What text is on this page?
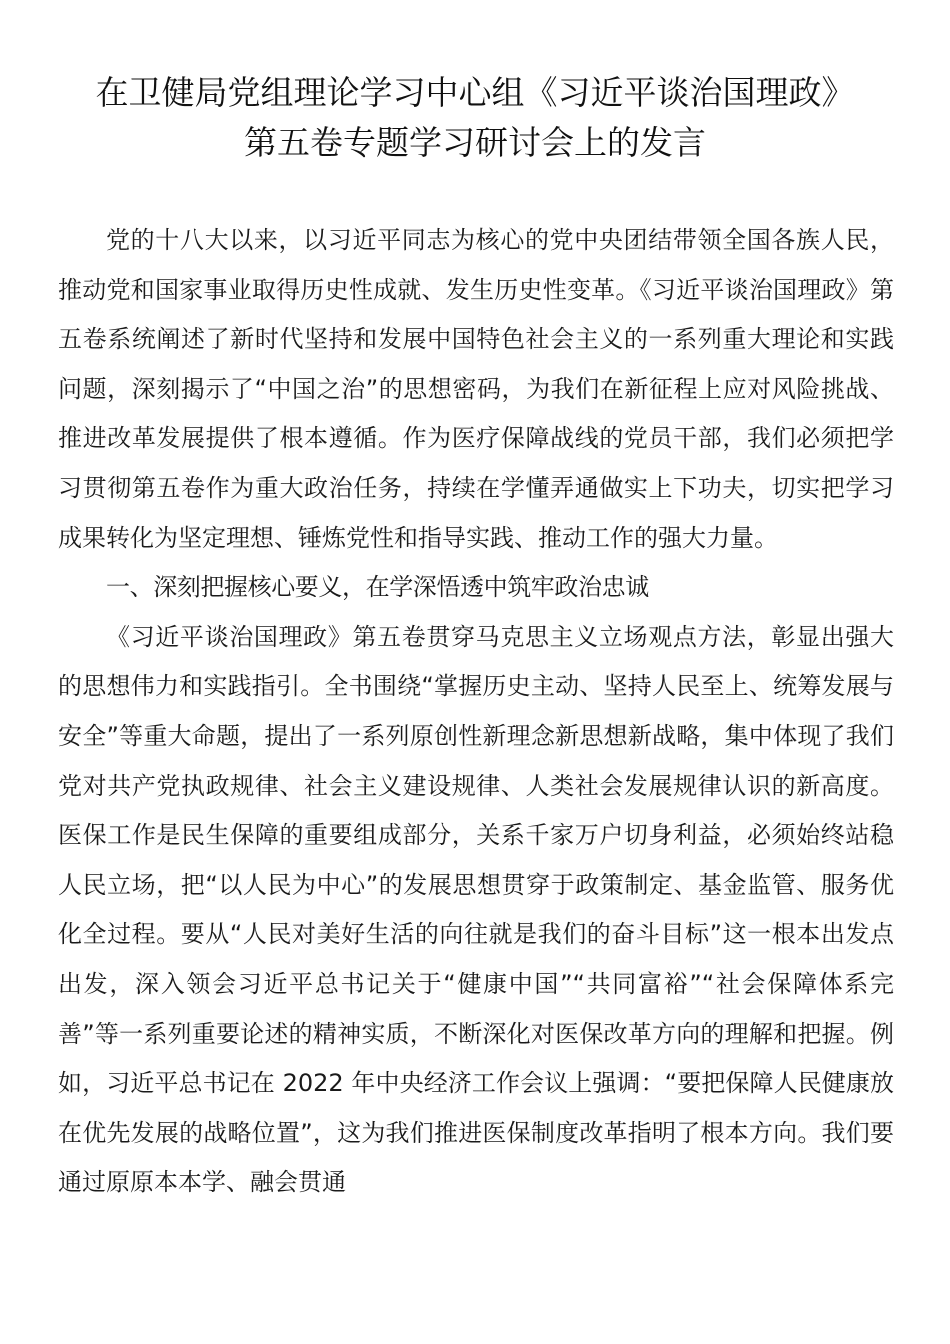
在卫健局党组理论学习中心组《习近平谈治国理政》
第五卷专题学习研讨会上的发言

党的十八大以来，以习近平同志为核心的党中央团结带领全国各族人民，推动党和国家事业取得历史性成就、发生历史性变革。《习近平谈治国理政》第五卷系统阐述了新时代坚持和发展中国特色社会主义的一系列重大理论和实践问题，深刻揭示了“中国之治”的思想密码，为我们在新征程上应对风险挑战、推进改革发展提供了根本遵循。作为医疗保障战线的党员干部，我们必须把学习贯彻第五卷作为重大政治任务，持续在学懂弄通做实上下功夫，切实把学习成果转化为坚定理想、锤炼党性和指导实践、推动工作的强大力量。

一、深刻把握核心要义，在学深悟透中筑牢政治忠诚

《习近平谈治国理政》第五卷贯穿马克思主义立场观点方法，彰显出强大的思想伟力和实践指引。全书围绕“掌握历史主动、坚持人民至上、统筹发展与安全”等重大命题，提出了一系列原创性新理念新思想新战略，集中体现了我们党对共产党执政规律、社会主义建设规律、人类社会发展规律认识的新高度。医保工作是民生保障的重要组成部分，关系千家万户切身利益，必须始终站稳人民立场，把“以人民为中心”的发展思想贯穿于政策制定、基金监管、服务优化全过程。要从“人民对美好生活的向往就是我们的奋斗目标”这一根本出发点出发，深入领会习近平总书记关于“健康中国”“共同富裕”“社会保障体系完善”等一系列重要论述的精神实质，不断深化对医保改革方向的理解和把握。例如，习近平总书记在 2022 年中央经济工作会议上强调：“要把保障人民健康放在优先发展的战略位置”，这为我们推进医保制度改革指明了根本方向。我们要通过原原本本学、融会贯通
